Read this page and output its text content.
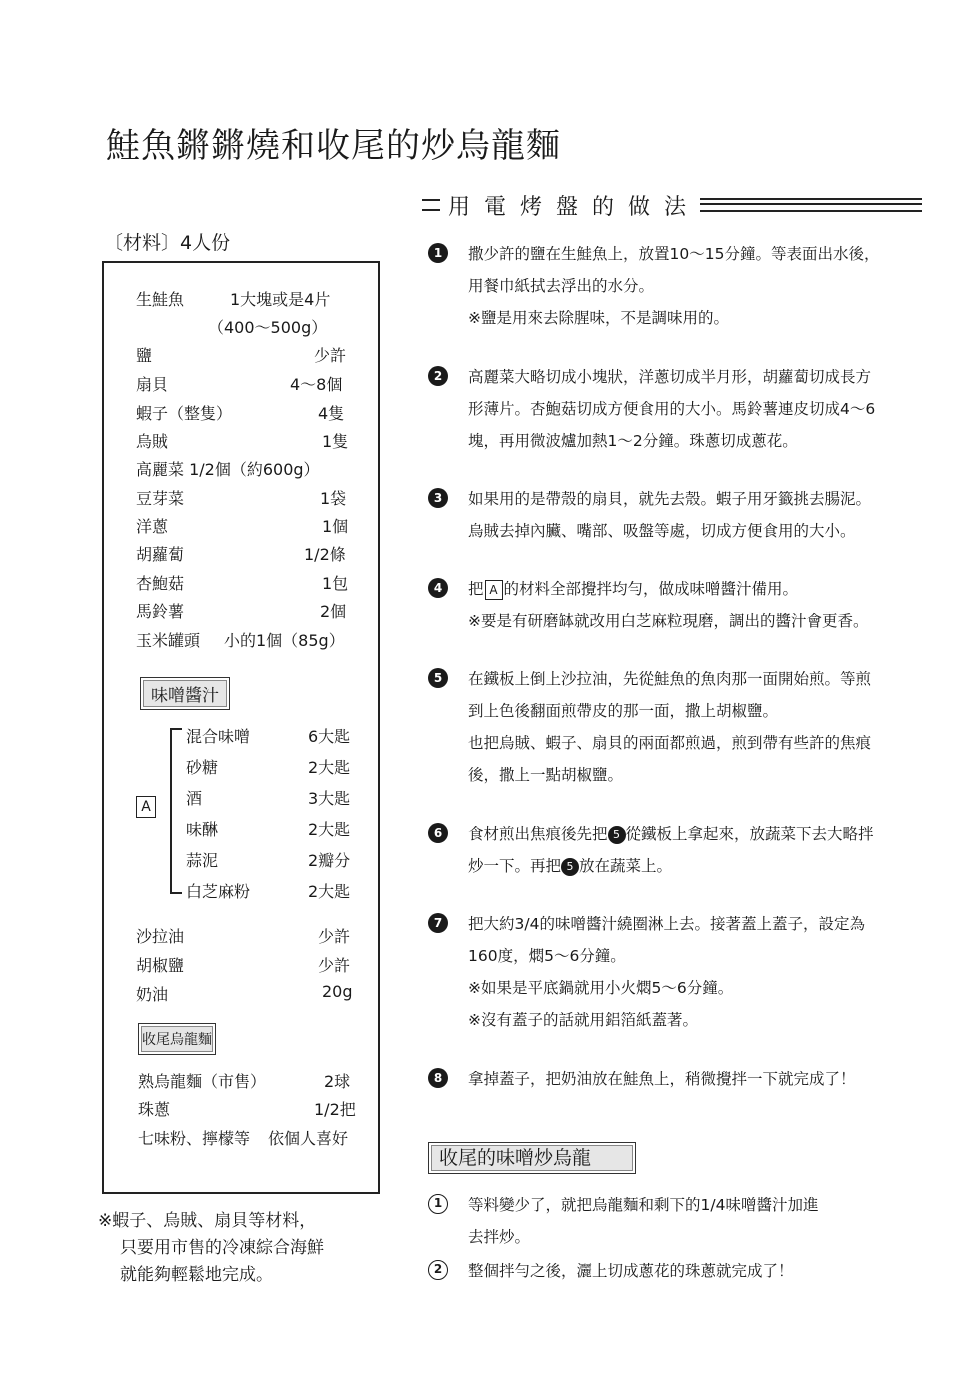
鮭魚鏘鏘燒和收尾的炒烏龍麵
用電烤盤的做法
〔材料〕4人份
生鮭魚	1大塊或是4片
（400〜500g）
鹽	少許
扇貝	4〜8個
蝦子（整隻）	4隻
烏賊	1隻
高麗菜 1/2個（約600g）
豆芽菜	1袋
洋蔥	1個
胡蘿蔔	1/2條
杏鮑菇	1包
馬鈴薯	2個
玉米罐頭 小的1個（85g）
味噌醬汁
A
混合味噌	6大匙
砂糖	2大匙
酒	3大匙
味醂	2大匙
蒜泥	2瓣分
白芝麻粉	2大匙
沙拉油	少許
胡椒鹽	少許
奶油	20g
收尾烏龍麵
熟烏龍麵（市售）	2球
珠蔥	1/2把
七味粉、擰檬等 依個人喜好
※蝦子、烏賊、扇貝等材料，
只要用市售的冷凍綜合海鮮
就能夠輕鬆地完成。
1	撒少許的鹽在生鮭魚上，放置10〜15分鐘。等表面出水後，
用餐巾紙拭去浮出的水分。
※鹽是用來去除腥味，不是調味用的。
2	高麗菜大略切成小塊狀，洋蔥切成半月形，胡蘿蔔切成長方
形薄片。杏鮑菇切成方便食用的大小。馬鈴薯連皮切成4〜6
塊，再用微波爐加熱1〜2分鐘。珠蔥切成蔥花。
3	如果用的是帶殼的扇貝，就先去殼。蝦子用牙籤挑去腸泥。
烏賊去掉內臟、嘴部、吸盤等處，切成方便食用的大小。
4	把 A 的材料全部攪拌均勻，做成味噌醬汁備用。
※要是有研磨缽就改用白芝麻粒現磨，調出的醬汁會更香。
5	在鐵板上倒上沙拉油，先從鮭魚的魚肉那一面開始煎。等煎
到上色後翻面煎帶皮的那一面，撒上胡椒鹽。
也把烏賊、蝦子、扇貝的兩面都煎過，煎到帶有些許的焦痕
後，撒上一點胡椒鹽。
6	食材煎出焦痕後先把 5 從鐵板上拿起來，放蔬菜下去大略拌
炒一下。再把 5 放在蔬菜上。
7	把大約3/4的味噌醬汁繞圈淋上去。接著蓋上蓋子，設定為
160度，燜5〜6分鐘。
※如果是平底鍋就用小火燜5〜6分鐘。
※沒有蓋子的話就用鋁箔紙蓋著。
8	拿掉蓋子，把奶油放在鮭魚上，稍微攪拌一下就完成了！
收尾的味噌炒烏龍
1	等料變少了，就把烏龍麵和剩下的1/4味噌醬汁加進
去拌炒。
2	整個拌勻之後，灑上切成蔥花的珠蔥就完成了！
